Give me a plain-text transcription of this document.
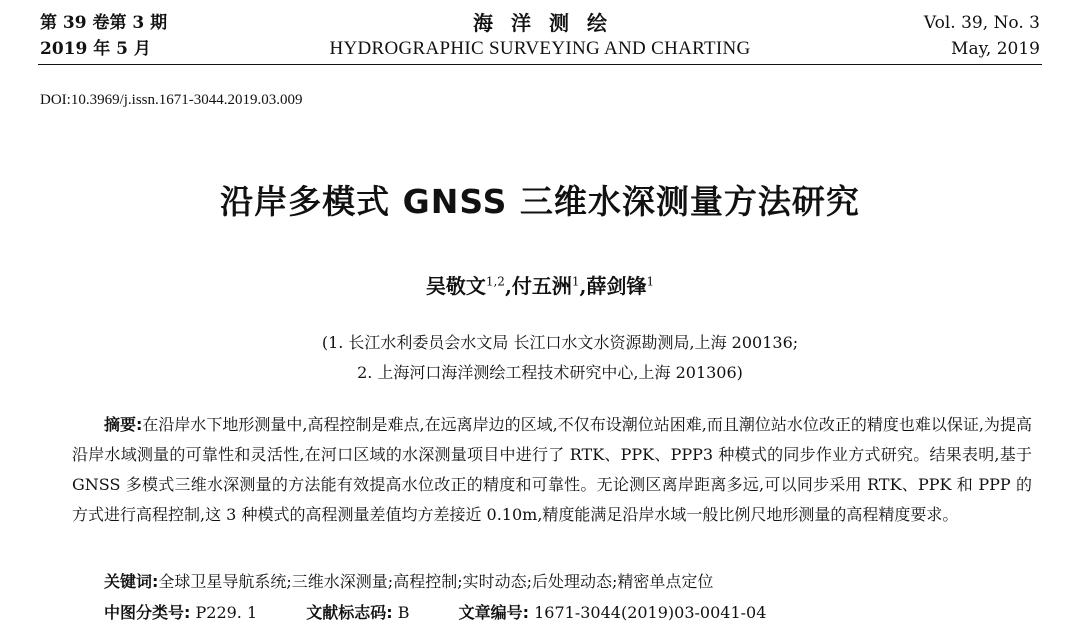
第 39 卷第 3 期
2019 年 5 月
海洋测绘
HYDROGRAPHIC SURVEYING AND CHARTING
Vol. 39, No. 3
May, 2019
DOI:10.3969/j.issn.1671-3044.2019.03.009
沿岸多模式 GNSS 三维水深测量方法研究
吴敬文$^{1,2}$,付五洲$^1$,薛剑锋$^1$
(1. 长江水利委员会水文局 长江口水文水资源勘测局,上海 200136;
2. 上海河口海洋测绘工程技术研究中心,上海 201306)
摘要:在沿岸水下地形测量中,高程控制是难点,在远离岸边的区域,不仅布设潮位站困难,而且潮位站水位改正的精度也难以保证,为提高沿岸水域测量的可靠性和灵活性,在河口区域的水深测量项目中进行了 RTK、PPK、PPP3 种模式的同步作业方式研究。结果表明,基于 GNSS 多模式三维水深测量的方法能有效提高水位改正的精度和可靠性。无论测区离岸距离多远,可以同步采用 RTK、PPK 和 PPP 的方式进行高程控制,这 3 种模式的高程测量差值均方差接近 0.10m,精度能满足沿岸水域一般比例尺地形测量的高程精度要求。
关键词:全球卫星导航系统;三维水深测量;高程控制;实时动态;后处理动态;精密单点定位
中图分类号: P229. 1	文献标志码: B	文章编号: 1671-3044(2019)03-0041-04
